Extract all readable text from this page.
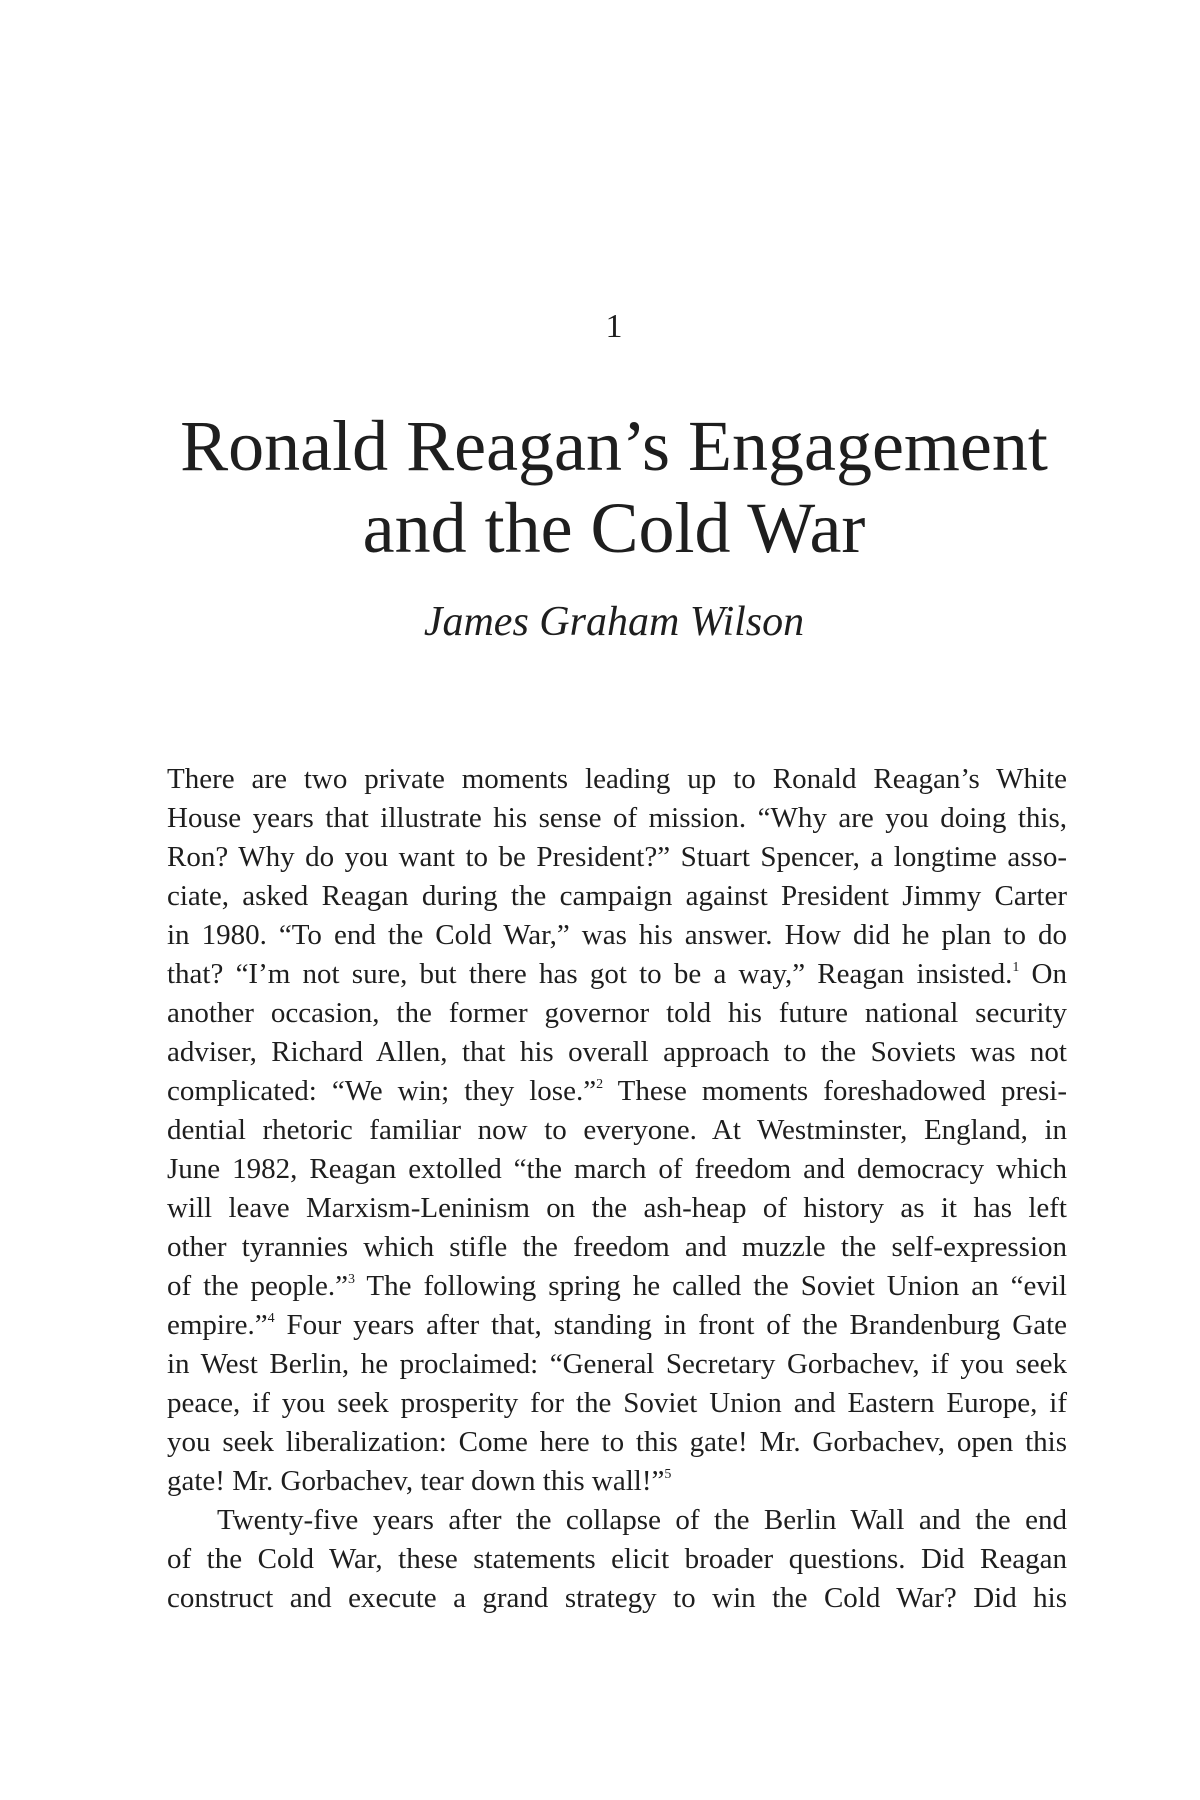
1
Ronald Reagan’s Engagement
and the Cold War
James Graham Wilson
There are two private moments leading up to Ronald Reagan’s White
House years that illustrate his sense of mission. “Why are you doing this,
Ron? Why do you want to be President?” Stuart Spencer, a longtime asso-
ciate, asked Reagan during the campaign against President Jimmy Carter
in 1980. “To end the Cold War,” was his answer. How did he plan to do
that? “I’m not sure, but there has got to be a way,” Reagan insisted.$^1$ On
another occasion, the former governor told his future national security
adviser, Richard Allen, that his overall approach to the Soviets was not
complicated: “We win; they lose.”$^2$ These moments foreshadowed presi-
dential rhetoric familiar now to everyone. At Westminster, England, in
June 1982, Reagan extolled “the march of freedom and democracy which
will leave Marxism-Leninism on the ash-heap of history as it has left
other tyrannies which stifle the freedom and muzzle the self-expression
of the people.”$^3$ The following spring he called the Soviet Union an “evil
empire.”$^4$ Four years after that, standing in front of the Brandenburg Gate
in West Berlin, he proclaimed: “General Secretary Gorbachev, if you seek
peace, if you seek prosperity for the Soviet Union and Eastern Europe, if
you seek liberalization: Come here to this gate! Mr. Gorbachev, open this
gate! Mr. Gorbachev, tear down this wall!”$^5$
Twenty-five years after the collapse of the Berlin Wall and the end
of the Cold War, these statements elicit broader questions. Did Reagan
construct and execute a grand strategy to win the Cold War? Did his
